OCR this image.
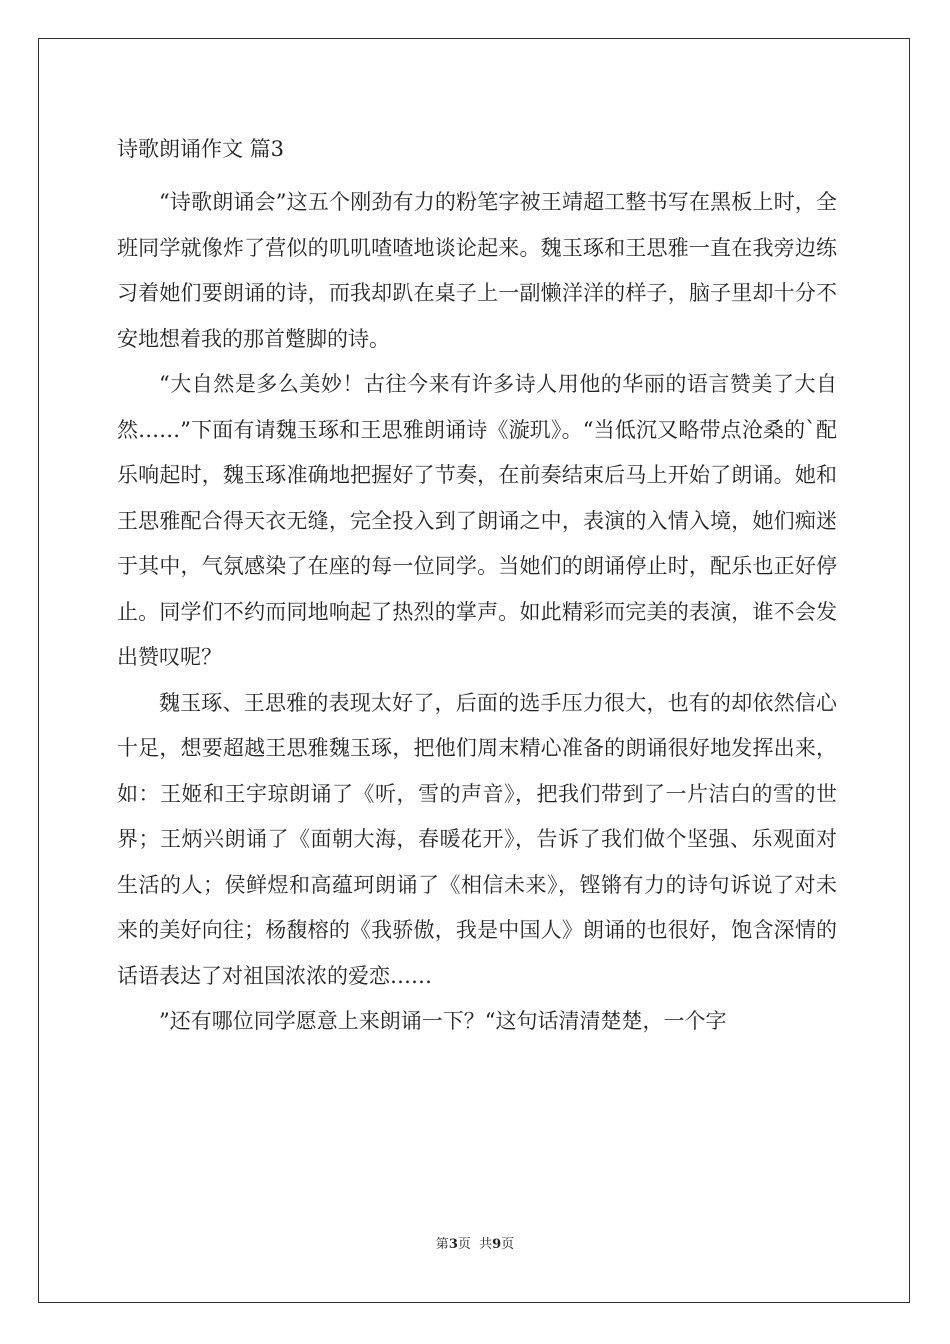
诗歌朗诵作文 篇3

“诗歌朗诵会”这五个刚劲有力的粉笔字被王靖超工整书写在黑板上时，全班同学就像炸了营似的叽叽喳喳地谈论起来。魏玉琢和王思雅一直在我旁边练习着她们要朗诵的诗，而我却趴在桌子上一副懒洋洋的样子，脑子里却十分不安地想着我的那首蹩脚的诗。

“大自然是多么美妙！古往今来有许多诗人用他的华丽的语言赞美了大自然……”下面有请魏玉琢和王思雅朗诵诗《漩玑》。“当低沉又略带点沧桑的`配乐响起时，魏玉琢准确地把握好了节奏，在前奏结束后马上开始了朗诵。她和王思雅配合得天衣无缝，完全投入到了朗诵之中，表演的入情入境，她们痴迷于其中，气氛感染了在座的每一位同学。当她们的朗诵停止时，配乐也正好停止。同学们不约而同地响起了热烈的掌声。如此精彩而完美的表演，谁不会发出赞叹呢？

魏玉琢、王思雅的表现太好了，后面的选手压力很大，也有的却依然信心十足，想要超越王思雅魏玉琢，把他们周末精心准备的朗诵很好地发挥出来，如：王姬和王宇琼朗诵了《听，雪的声音》，把我们带到了一片洁白的雪的世界；王炳兴朗诵了《面朝大海，春暖花开》，告诉了我们做个坚强、乐观面对生活的人；侯鲜煜和高蕴珂朗诵了《相信未来》，铿锵有力的诗句诉说了对未来的美好向往；杨馥榕的《我骄傲，我是中国人》朗诵的也很好，饱含深情的话语表达了对祖国浓浓的爱恋……

”还有哪位同学愿意上来朗诵一下？“这句话清清楚楚，一个字

第3页  共9页
